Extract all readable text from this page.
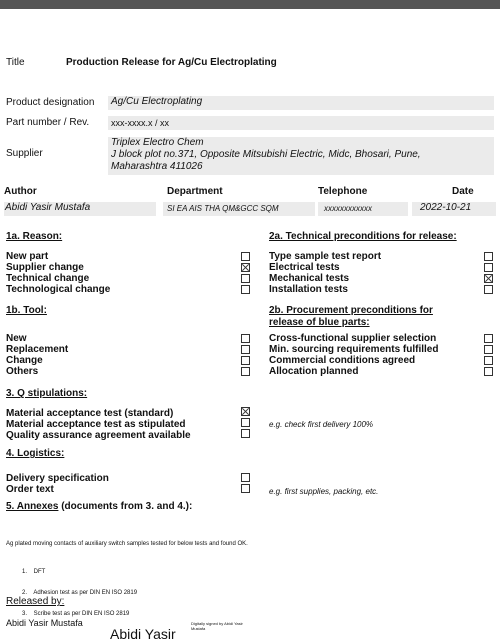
Title	Production Release for Ag/Cu Electroplating
Product designation	Ag/Cu Electroplating
Part number / Rev.	xxx-xxxx.x / xx
Supplier
Triplex Electro Chem
J block plot no.371, Opposite Mitsubishi Electric, Midc, Bhosari, Pune,
Maharashtra 411026
Author	Department	Telephone	Date
Abidi Yasir Mustafa	SI EA AIS THA QM&GCC SQM	xxxxxxxxxxxx	2022-10-21
1a. Reason:
New part
Supplier change
Technical change
Technological change
2a. Technical preconditions for release:
Type sample test report
Electrical tests
Mechanical tests
Installation tests
1b. Tool:
New
Replacement
Change
Others
2b. Procurement preconditions for
release of blue parts:
Cross-functional supplier selection
Min. sourcing requirements fulfilled
Commercial conditions agreed
Allocation planned
3. Q stipulations:
Material acceptance test (standard)
Material acceptance test as stipulated
Quality assurance agreement available
e.g. check first delivery 100%
4. Logistics:
Delivery specification
Order text	e.g. first supplies, packing, etc.
5. Annexes (documents from 3. and 4.):
Ag plated moving contacts of auxiliary switch samples tested for below tests and found OK.

1.    DFT

2.    Adhesion test as per DIN EN ISO 2819

3.    Scribe test as per DIN EN ISO 2819

Released by:
Abidi Yasir Mustafa
Abidi Yasir
Digitally signed by Abidi Yasir
Mustafa
